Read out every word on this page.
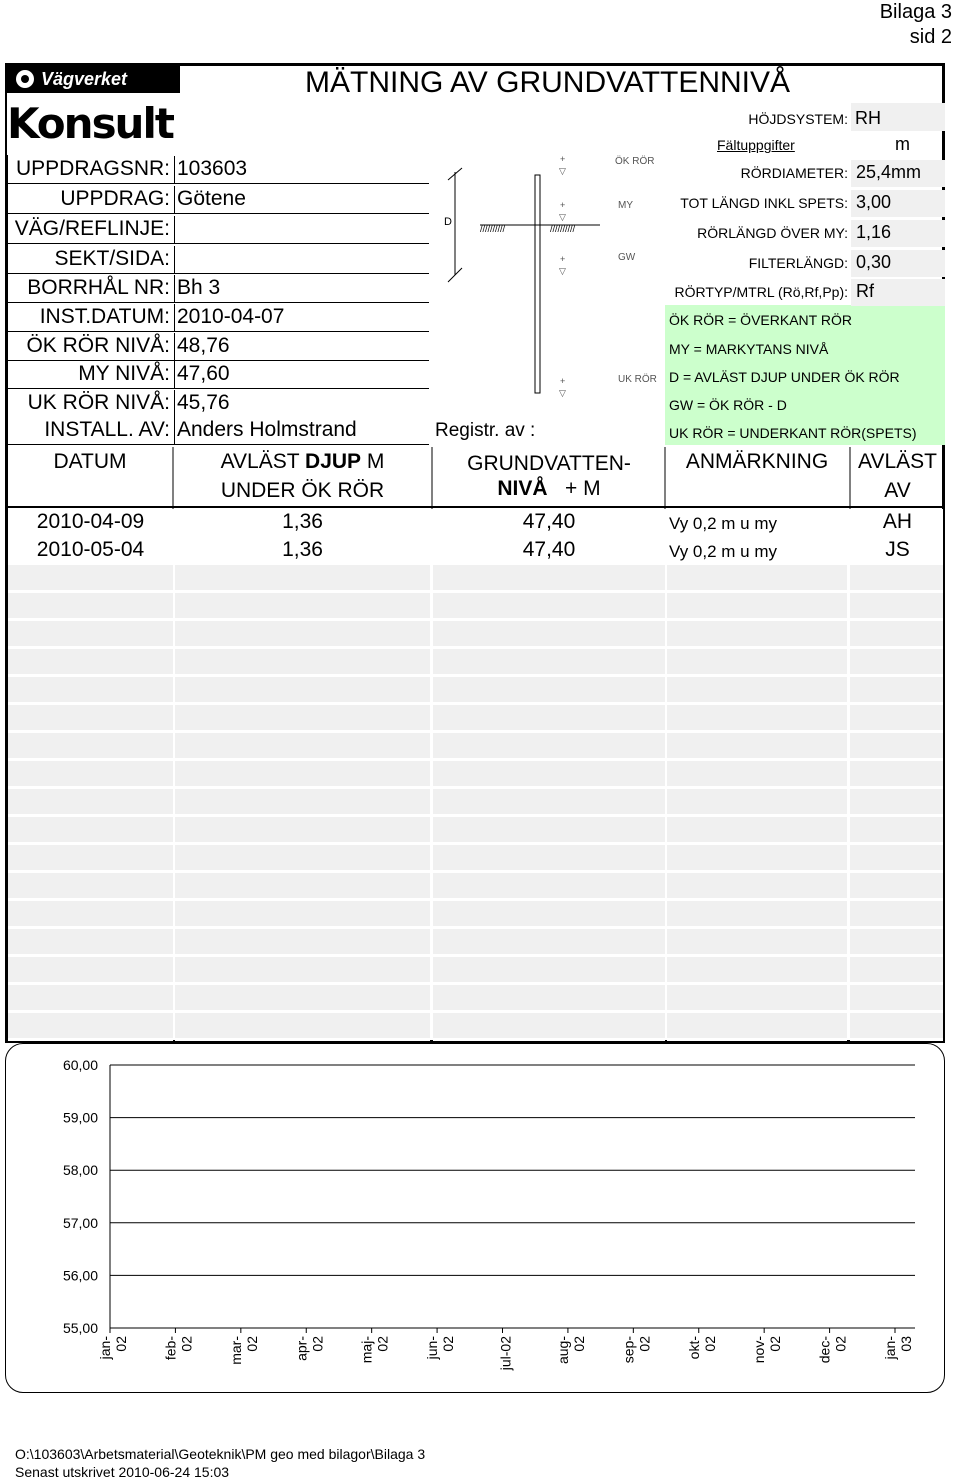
Bilaga 3
sid 2
Vägverket
Konsult
MÄTNING AV GRUNDVATTENNIVÅ
Registr. av :
D
//////////	//////////
+
▽
+
▽
+
▽
+
▽
ÖK RÖR
MY
GW
UK RÖR
HÖJDSYSTEM: RH
m
Fältuppgifter
DATUM	AVLÄST DJUP M
UNDER ÖK RÖR
GRUNDVATTEN-
NIVÅ + M
ANMÄRKNING	AVLÄST
AV
60,00
59,00
58,00
57,00
56,00
55,00
jan-02 feb-02 mar-02 apr-02 maj-02 jun-02	jul-02	aug-02 sep-02 okt-02 nov-02 dec-02 jan-03
O:\103603\Arbetsmaterial\Geoteknik\PM geo med bilagor\Bilaga 3
Senast utskrivet 2010-06-24 15:03
UPPDRAGSNR: 103603
UPPDRAG: Götene
VÄG/REFLINJE:
SEKT/SIDA:
BORRHÅL NR: Bh 3
INST.DATUM: 2010-04-07
ÖK RÖR NIVÅ: 48,76
MY NIVÅ: 47,60
UK RÖR NIVÅ: 45,76
INSTALL. AV: Anders Holmstrand
RÖRDIAMETER: 25,4mm
TOT LÄNGD INKL SPETS: 3,00
RÖRLÄNGD ÖVER MY: 1,16
FILTERLÄNGD: 0,30
RÖRTYP/MTRL (Rö,Rf,Pp): Rf
ÖK RÖR = ÖVERKANT RÖR
MY = MARKYTANS NIVÅ
D = AVLÄST DJUP UNDER ÖK RÖR
GW = ÖK RÖR - D
UK RÖR = UNDERKANT RÖR(SPETS)
2010-04-09	1,36	47,40	Vy 0,2 m u my	AH
2010-05-04	1,36	47,40	Vy 0,2 m u my	JS
